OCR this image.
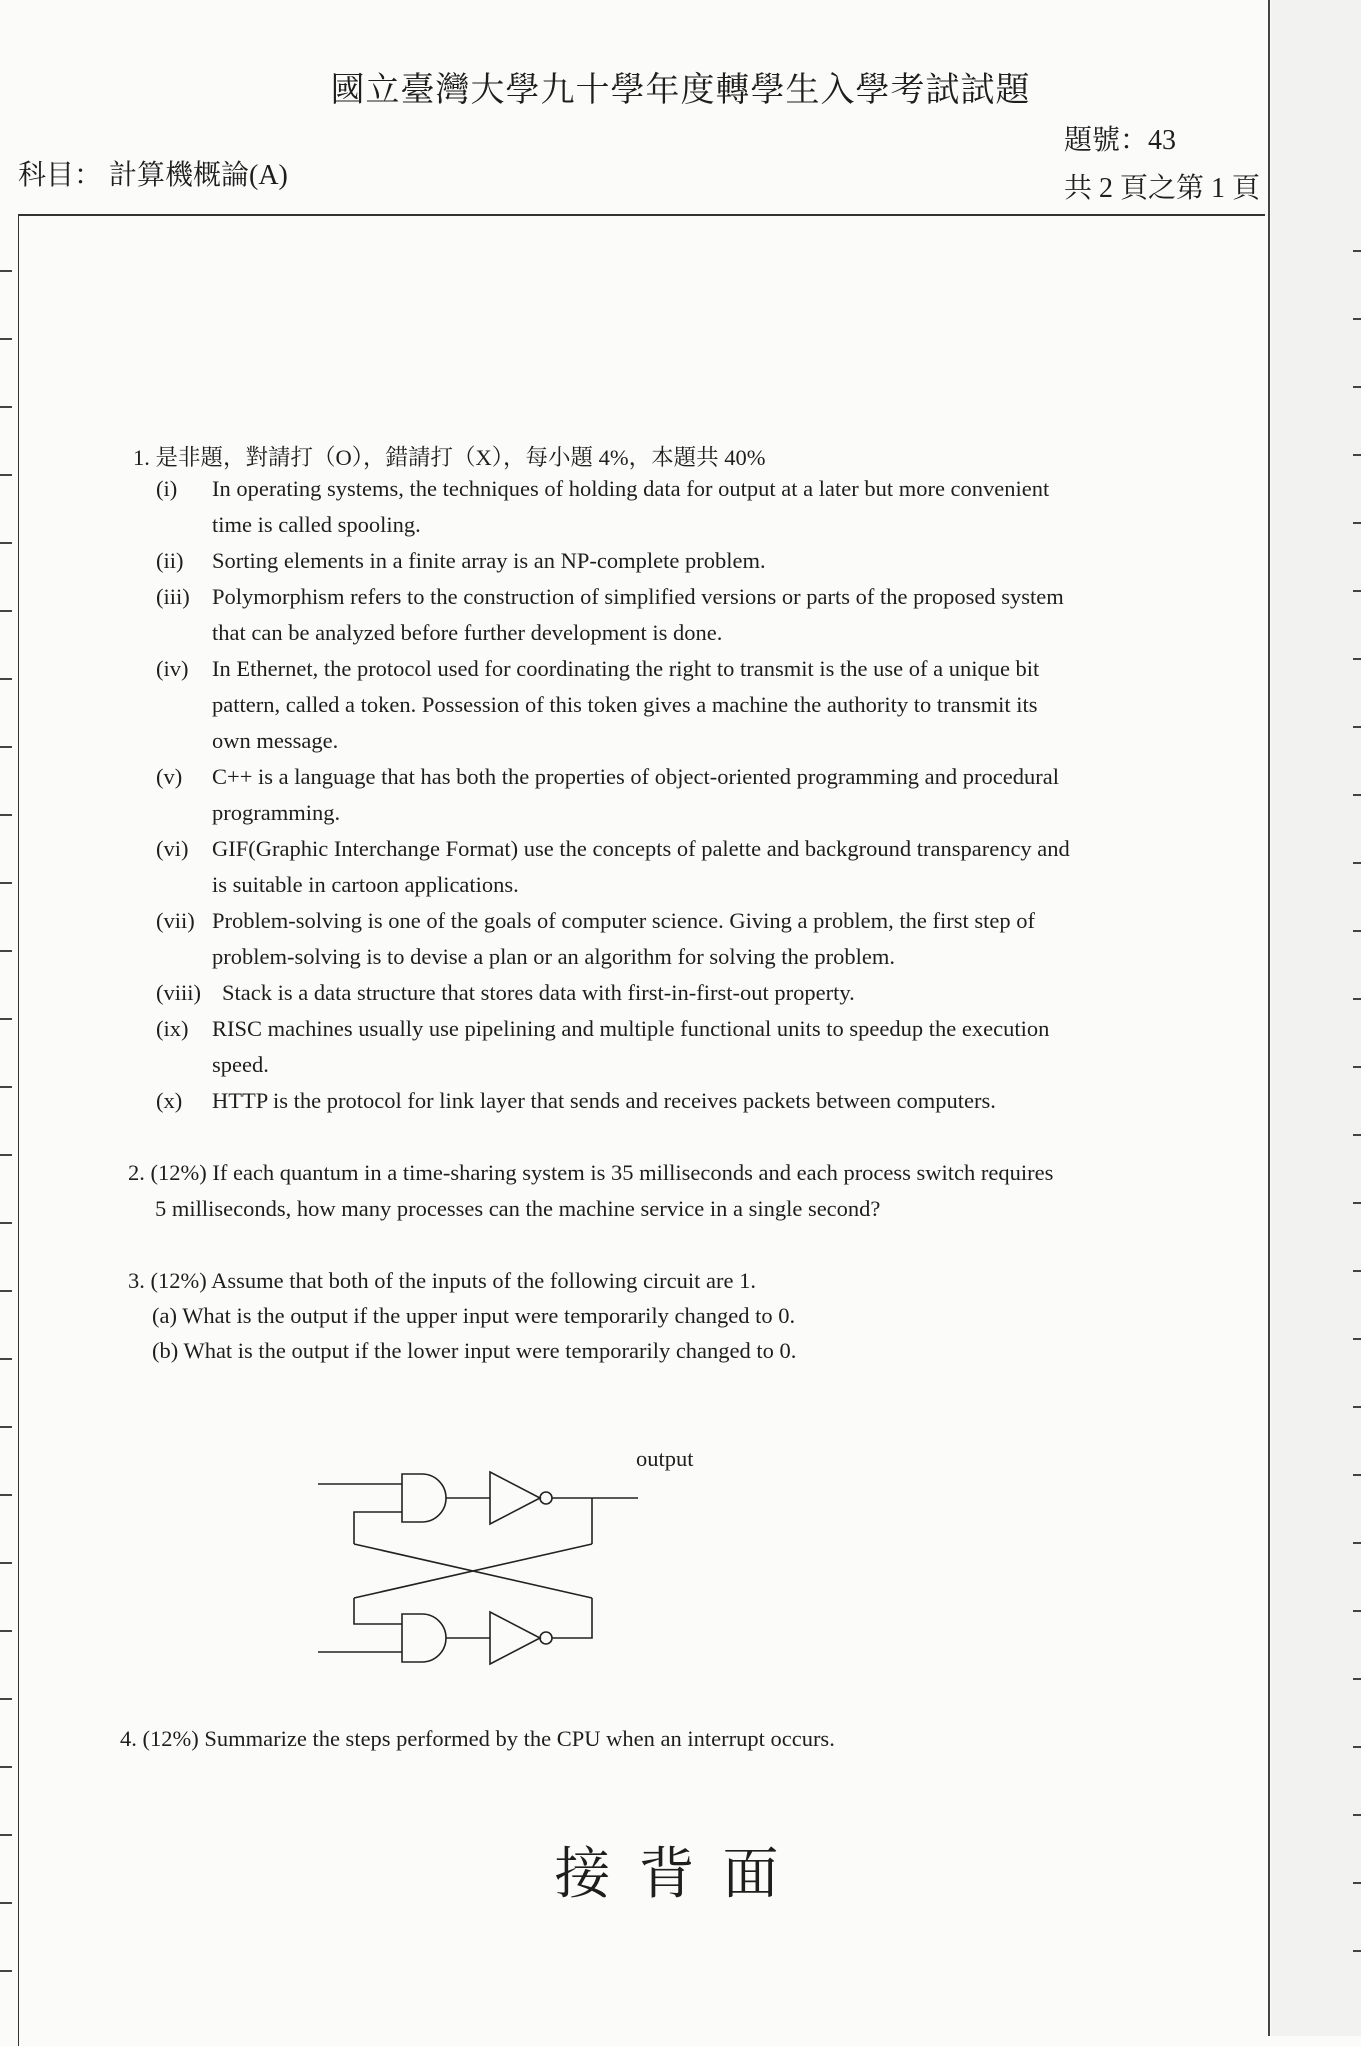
國立臺灣大學九十學年度轉學生入學考試試題
科目： 計算機概論(A)
題號：43
共 2 頁之第 1 頁
1. 是非題，對請打（O），錯請打（X），每小題 4%，本題共 40%
(i) In operating systems, the techniques of holding data for output at a later but more convenient
time is called spooling.
(ii) Sorting elements in a finite array is an NP-complete problem.
(iii) Polymorphism refers to the construction of simplified versions or parts of the proposed system
that can be analyzed before further development is done.
(iv) In Ethernet, the protocol used for coordinating the right to transmit is the use of a unique bit
pattern, called a token. Possession of this token gives a machine the authority to transmit its
own message.
(v) C++ is a language that has both the properties of object-oriented programming and procedural
programming.
(vi) GIF(Graphic Interchange Format) use the concepts of palette and background transparency and
is suitable in cartoon applications.
(vii) Problem-solving is one of the goals of computer science. Giving a problem, the first step of
problem-solving is to devise a plan or an algorithm for solving the problem.
(viii) Stack is a data structure that stores data with first-in-first-out property.
(ix) RISC machines usually use pipelining and multiple functional units to speedup the execution
speed.
(x) HTTP is the protocol for link layer that sends and receives packets between computers.
2. (12%) If each quantum in a time-sharing system is 35 milliseconds and each process switch requires
5 milliseconds, how many processes can the machine service in a single second?
3. (12%) Assume that both of the inputs of the following circuit are 1.
(a) What is the output if the upper input were temporarily changed to 0.
(b) What is the output if the lower input were temporarily changed to 0.
output
4. (12%) Summarize the steps performed by the CPU when an interrupt occurs.
接背面
